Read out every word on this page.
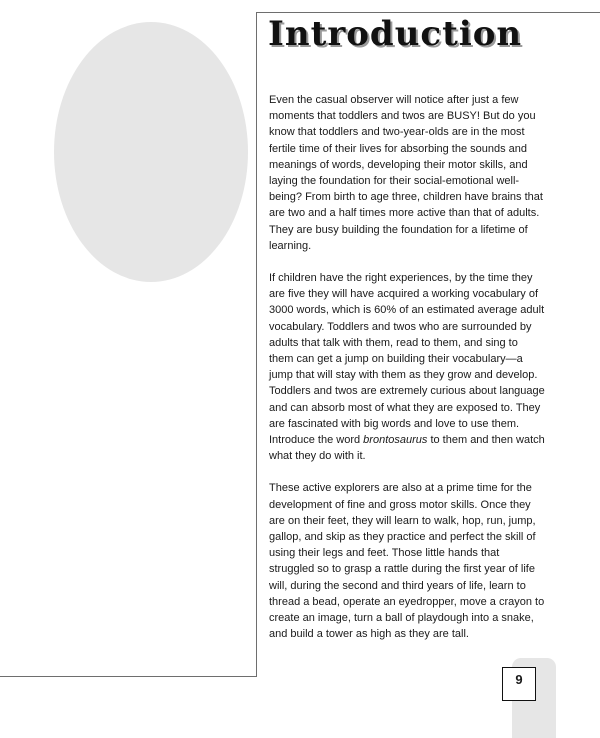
Introduction

Even the casual observer will notice after just a few moments that toddlers and twos are BUSY! But do you know that toddlers and two-year-olds are in the most fertile time of their lives for absorbing the sounds and meanings of words, developing their motor skills, and laying the foundation for their social-emotional well-being? From birth to age three, children have brains that are two and a half times more active than that of adults. They are busy building the foundation for a lifetime of learning.

If children have the right experiences, by the time they are five they will have acquired a working vocabulary of 3000 words, which is 60% of an estimated average adult vocabulary. Toddlers and twos who are surrounded by adults that talk with them, read to them, and sing to them can get a jump on building their vocabulary—a jump that will stay with them as they grow and develop. Toddlers and twos are extremely curious about language and can absorb most of what they are exposed to. They are fascinated with big words and love to use them. Introduce the word brontosaurus to them and then watch what they do with it.

These active explorers are also at a prime time for the development of fine and gross motor skills. Once they are on their feet, they will learn to walk, hop, run, jump, gallop, and skip as they practice and perfect the skill of using their legs and feet. Those little hands that struggled so to grasp a rattle during the first year of life will, during the second and third years of life, learn to thread a bead, operate an eyedropper, move a crayon to create an image, turn a ball of playdough into a snake, and build a tower as high as they are tall.

9
